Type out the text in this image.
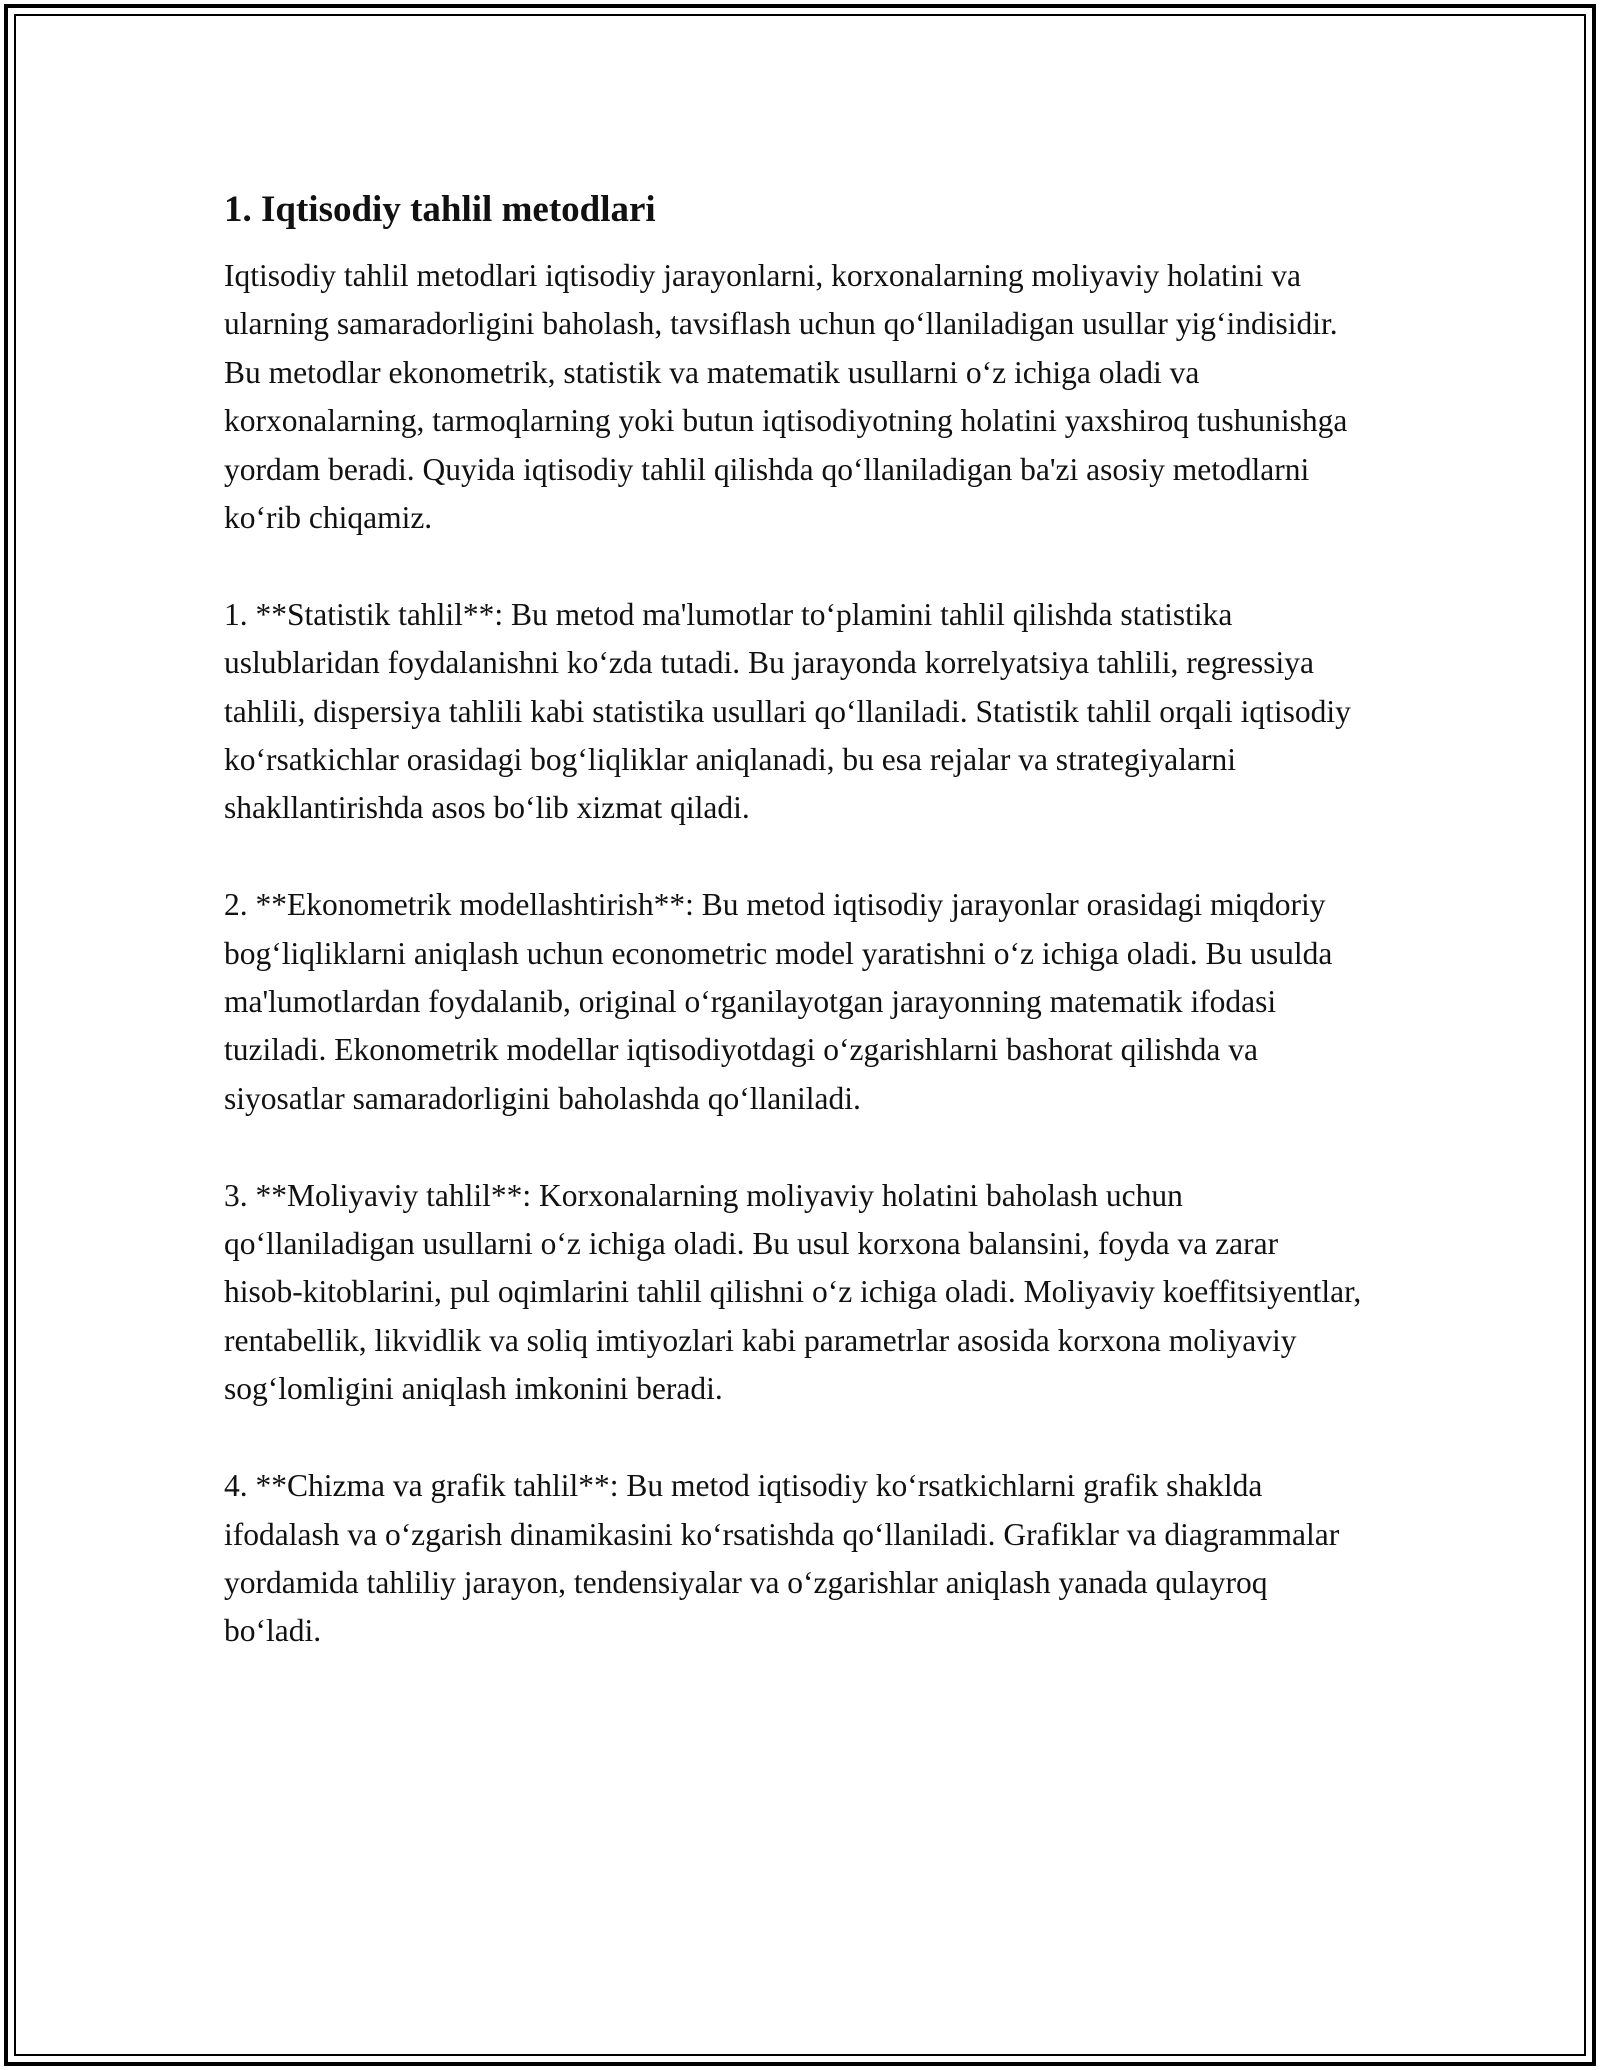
1. Iqtisodiy tahlil metodlari

Iqtisodiy tahlil metodlari iqtisodiy jarayonlarni, korxonalarning moliyaviy holatini va ularning samaradorligini baholash, tavsiflash uchun qo‘llaniladigan usullar yig‘indisidir. Bu metodlar ekonometrik, statistik va matematik usullarni o‘z ichiga oladi va korxonalarning, tarmoqlarning yoki butun iqtisodiyotning holatini yaxshiroq tushunishga yordam beradi. Quyida iqtisodiy tahlil qilishda qo‘llaniladigan ba'zi asosiy metodlarni ko‘rib chiqamiz.

1. **Statistik tahlil**: Bu metod ma'lumotlar to‘plamini tahlil qilishda statistika uslublaridan foydalanishni ko‘zda tutadi. Bu jarayonda korrelyatsiya tahlili, regressiya tahlili, dispersiya tahlili kabi statistika usullari qo‘llaniladi. Statistik tahlil orqali iqtisodiy ko‘rsatkichlar orasidagi bog‘liqliklar aniqlanadi, bu esa rejalar va strategiyalarni shakllantirishda asos bo‘lib xizmat qiladi.

2. **Ekonometrik modellashtirish**: Bu metod iqtisodiy jarayonlar orasidagi miqdoriy bog‘liqliklarni aniqlash uchun econometric model yaratishni o‘z ichiga oladi. Bu usulda ma'lumotlardan foydalanib, original o‘rganilayotgan jarayonning matematik ifodasi tuziladi. Ekonometrik modellar iqtisodiyotdagi o‘zgarishlarni bashorat qilishda va siyosatlar samaradorligini baholashda qo‘llaniladi.

3. **Moliyaviy tahlil**: Korxonalarning moliyaviy holatini baholash uchun qo‘llaniladigan usullarni o‘z ichiga oladi. Bu usul korxona balansini, foyda va zarar hisob-kitoblarini, pul oqimlarini tahlil qilishni o‘z ichiga oladi. Moliyaviy koeffitsiyentlar, rentabellik, likvidlik va soliq imtiyozlari kabi parametrlar asosida korxona moliyaviy sog‘lomligini aniqlash imkonini beradi.

4. **Chizma va grafik tahlil**: Bu metod iqtisodiy ko‘rsatkichlarni grafik shaklda ifodalash va o‘zgarish dinamikasini ko‘rsatishda qo‘llaniladi. Grafiklar va diagrammalar yordamida tahliliy jarayon, tendensiyalar va o‘zgarishlar aniqlash yanada qulayroq bo‘ladi.
